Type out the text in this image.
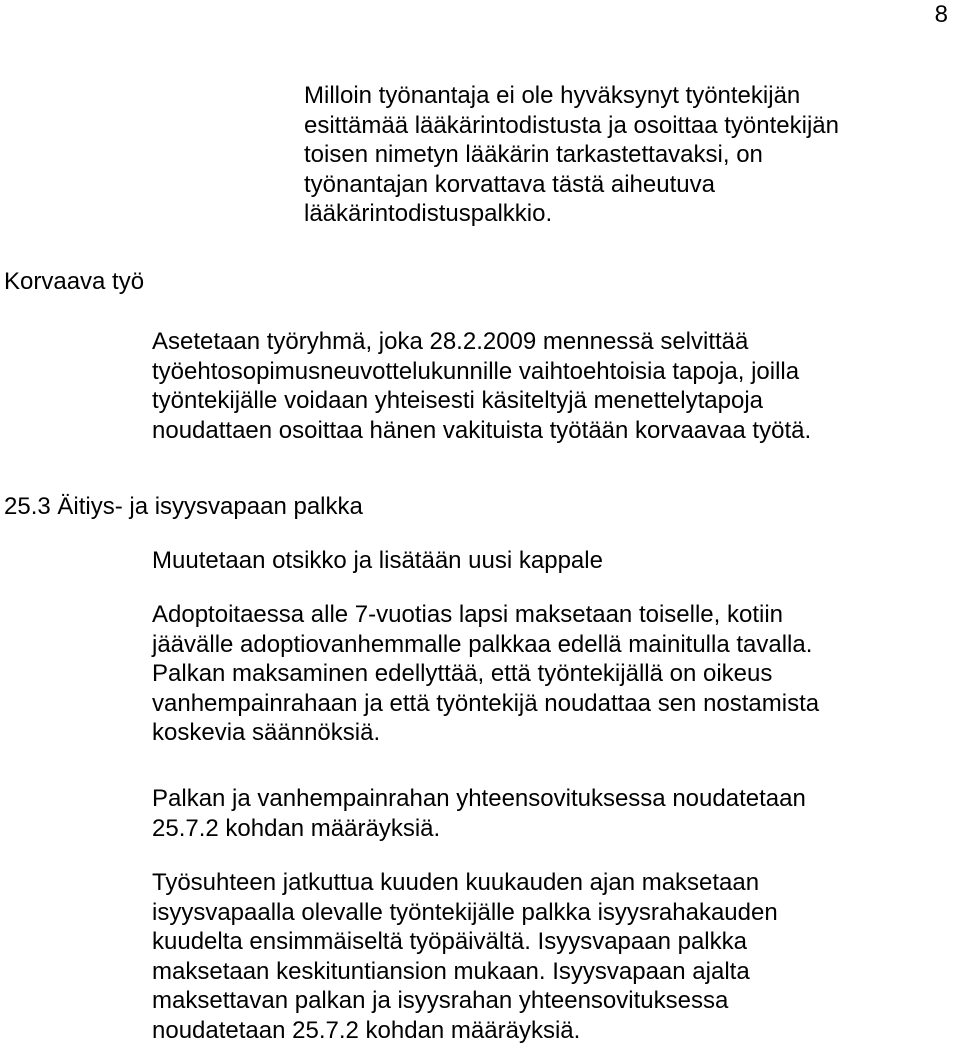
8
Milloin työnantaja ei ole hyväksynyt työntekijän
esittämää lääkärintodistusta ja osoittaa työntekijän
toisen nimetyn lääkärin tarkastettavaksi, on
työnantajan korvattava tästä aiheutuva
lääkärintodistuspalkkio.
Korvaava työ
Asetetaan työryhmä, joka 28.2.2009 mennessä selvittää
työehtosopimusneuvottelukunnille vaihtoehtoisia tapoja, joilla
työntekijälle voidaan yhteisesti käsiteltyjä menettelytapoja
noudattaen osoittaa hänen vakituista työtään korvaavaa työtä.
25.3 Äitiys- ja isyysvapaan palkka
Muutetaan otsikko ja lisätään uusi kappale
Adoptoitaessa alle 7-vuotias lapsi maksetaan toiselle, kotiin
jäävälle adoptiovanhemmalle palkkaa edellä mainitulla tavalla.
Palkan maksaminen edellyttää, että työntekijällä on oikeus
vanhempainrahaan ja että työntekijä noudattaa sen nostamista
koskevia säännöksiä.
Palkan ja vanhempainrahan yhteensovituksessa noudatetaan
25.7.2 kohdan määräyksiä.
Työsuhteen jatkuttua kuuden kuukauden ajan maksetaan
isyysvapaalla olevalle työntekijälle palkka isyysrahakauden
kuudelta ensimmäiseltä työpäivältä. Isyysvapaan palkka
maksetaan keskituntiansion mukaan. Isyysvapaan ajalta
maksettavan palkan ja isyysrahan yhteensovituksessa
noudatetaan 25.7.2 kohdan määräyksiä.
